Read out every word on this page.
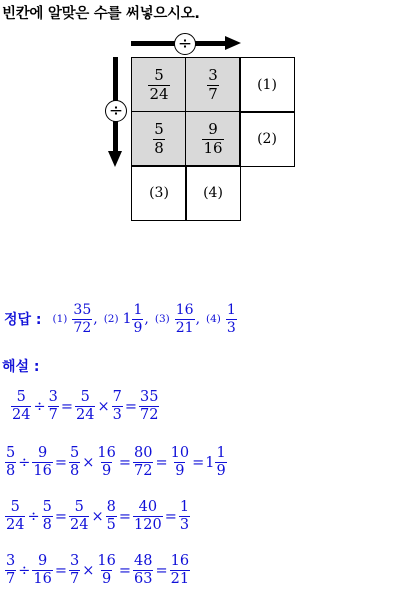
빈칸에 알맞은 수를 써넣으시오.
÷
÷
$\frac{5}{24}$	$\frac{3}{7}$	(1)
$\frac{5}{8}$	$\frac{9}{16}$	(2)
(3)	(4)
정답 : $(1) \frac{35}{72}$ , (2) $1 \frac{1}{9}$ , $(3) \frac{16}{21}$ , $(4) \frac{1}{3}$
해설 :
$\frac{5}{24} \div \frac{3}{7} = \frac{5}{24} \times \frac{7}{3} = \frac{35}{72}$
$\frac{5}{8} \div \frac{9}{16} = \frac{5}{8} \times \frac{16}{9} = \frac{80}{72} = \frac{10}{9} = 1 \frac{1}{9}$
$\frac{5}{24} \div \frac{5}{8} = \frac{5}{24} \times \frac{8}{5} = \frac{40}{120} = \frac{1}{3}$
$\frac{3}{7} \div \frac{9}{16} = \frac{3}{7} \times \frac{16}{9} = \frac{48}{63} = \frac{16}{21}$
